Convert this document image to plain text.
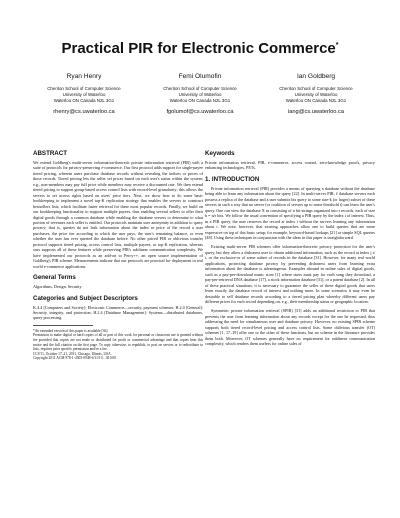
Practical PIR for Electronic Commerce*
Ryan Henry
Cheriton School of Computer Science
University of Waterloo
Waterloo ON Canada N2L 3G1
rhenry@cs.uwaterloo.ca
Femi Olumofin
Cheriton School of Computer Science
University of Waterloo
Waterloo ON Canada N2L 3G1
fgolumof@cs.uwaterloo.ca
Ian Goldberg
Cheriton School of Computer Science
University of Waterloo
Waterloo ON Canada N2L 3G1
iang@cs.uwaterloo.ca
ABSTRACT

We extend Goldberg's multi-server information-theoretic private information retrieval (PIR) with a suite of protocols for privacy-preserving e-commerce. Our first protocol adds support for single-payee tiered pricing, wherein users purchase database records without revealing the indices or prices of those records. Tiered pricing lets the seller set prices based on each user's status within the system; e.g., non-members may pay full price while members may receive a discounted rate. We then extend tiered pricing to support group-based access control lists with record-level granularity; this allows the servers to set access rights based on users' price tiers. Next, we show how to do some basic bookkeeping to implement a novel top-K replication strategy that enables the servers to construct bestsellers lists, which facilitate faster retrieval for these most popular records. Finally, we build on our bookkeeping functionality to support multiple payees, thus enabling several sellers to offer their digital goods through a common database while enabling the database servers to determine to what portion of revenues each seller is entitled. Our protocols maintain user anonymity in addition to query privacy; that is, queries do not leak information about the index or price of the record a user purchases, the price tier according to which the user pays, the user's remaining balance, or even whether the user has ever queried the database before. No other priced PIR or oblivious transfer protocol supports tiered pricing, access control lists, multiple payees, or top-K replication, whereas ours supports all of these features while preserving PIR's sublinear communication complexity. We have implemented our protocols as an add-on to Percy++, an open source implementation of Goldberg's PIR scheme. Measurements indicate that our protocols are practical for deployment in real world e-commerce applications.

General Terms

Algorithms, Design, Security

Categories and Subject Descriptors

K.4.4 [Computers and Society]: Electronic Commerce—security, payment schemes; H.2.0 [General]: Security, integrity, and protection; H.2.4 [Database Management]: Systems—distributed databases, query processing.

*An extended version of this paper is available [36].
Permission to make digital or hard copies of all or part of this work for personal or classroom use is granted without fee provided that copies are not made or distributed for profit or commercial advantage and that copies bear this notice and the full citation on the first page. To copy otherwise, to republish, to post on servers or to redistribute to lists, requires prior specific permission and/or a fee.
CCS'11, October 17–21, 2011, Chicago, Illinois, USA.
Copyright 2011 ACM 978-1-4503-0948-6/11/10 ...$10.00.
Keywords

Private information retrieval, PIR, e-commerce, access control, zero-knowledge proofs, privacy enhancing technologies, PETs.

1. INTRODUCTION

Private information retrieval (PIR) provides a means of querying a database without the database being able to learn any information about the query [22]. In multi-server PIR, ℓ database servers each possess a replica of the database and a user submits his query to some size-k (or larger) subset of these servers in such a way that no server (or coalition of servers up to some threshold t) can learn the user's query. One can view the database X as consisting of n bit-strings organized into r records, each of size b = n/r bits. We follow the usual convention of specifying a PIR query by the index i of interest. Thus, in a PIR query, the user retrieves the record at index i without the servers learning any information about i. We note, however, that existing approaches allow one to build queries that are more expressive on top of this basic setup; for example, keyword-based lookups [21] or simple SQL queries [48]. Using these techniques in conjunction with the ideas in this paper is straightforward.

Existing multi-server PIR schemes offer information-theoretic privacy protection for the user's query, but they allow a dishonest user to obtain additional information, such as the record at index j ≠ i, or the exclusive-or of some subset of records in the database [31]. However, for many real world applications, protecting database privacy by preventing dishonest users from learning extra information about the database is advantageous. Examples abound in online sales of digital goods, such as a pay-per-download music store [1] where users must pay for each song they download, a pay-per-retrieval DNA database [17], a stock information database [31], or a patent database [2]. In all of these practical situations, it is necessary to guarantee the seller of these digital goods that users learn exactly the database record of interest and nothing more. In some scenarios it may even be desirable to sell database records according to a tiered pricing plan whereby different users pay different prices for each record depending on, e.g., their membership status or geographic location.

Symmetric private information retrieval (SPIR) [31] adds an additional restriction to PIR that prevents the user from learning information about any records except for the one he requested, thus addressing the need for simultaneous user and database privacy. However, no existing SPIR scheme supports both tiered record-level pricing and access control lists. Some oblivious transfer (OT) schemes [1, 17–19] offer one or the other of these functions, but no scheme in the literature provides them both. Moreover, OT schemes generally have no requirement for sublinear communication complexity, which renders them useless for online sales of
